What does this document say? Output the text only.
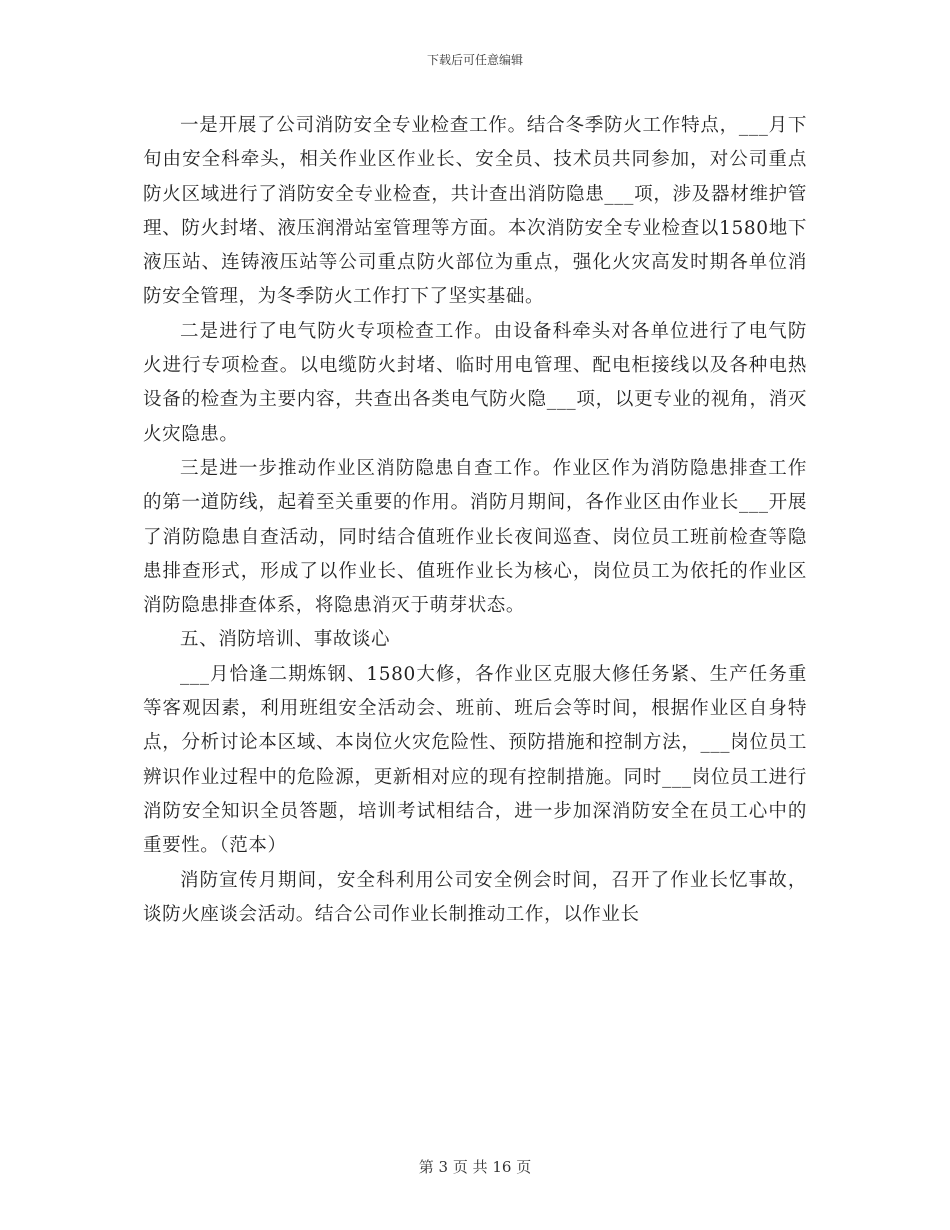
下载后可任意编辑

一是开展了公司消防安全专业检查工作。结合冬季防火工作特点，___月下旬由安全科牵头，相关作业区作业长、安全员、技术员共同参加，对公司重点防火区域进行了消防安全专业检查，共计查出消防隐患___项，涉及器材维护管理、防火封堵、液压润滑站室管理等方面。本次消防安全专业检查以1580地下液压站、连铸液压站等公司重点防火部位为重点，强化火灾高发时期各单位消防安全管理，为冬季防火工作打下了坚实基础。

二是进行了电气防火专项检查工作。由设备科牵头对各单位进行了电气防火进行专项检查。以电缆防火封堵、临时用电管理、配电柜接线以及各种电热设备的检查为主要内容，共查出各类电气防火隐___项，以更专业的视角，消灭火灾隐患。

三是进一步推动作业区消防隐患自查工作。作业区作为消防隐患排查工作的第一道防线，起着至关重要的作用。消防月期间，各作业区由作业长___开展了消防隐患自查活动，同时结合值班作业长夜间巡查、岗位员工班前检查等隐患排查形式，形成了以作业长、值班作业长为核心，岗位员工为依托的作业区消防隐患排查体系，将隐患消灭于萌芽状态。

五、消防培训、事故谈心

___月恰逢二期炼钢、1580大修，各作业区克服大修任务紧、生产任务重等客观因素，利用班组安全活动会、班前、班后会等时间，根据作业区自身特点，分析讨论本区域、本岗位火灾危险性、预防措施和控制方法，___岗位员工辨识作业过程中的危险源，更新相对应的现有控制措施。同时___岗位员工进行消防安全知识全员答题，培训考试相结合，进一步加深消防安全在员工心中的重要性。（范本）

消防宣传月期间，安全科利用公司安全例会时间，召开了作业长忆事故，谈防火座谈会活动。结合公司作业长制推动工作，以作业长

第 3 页 共 16 页
